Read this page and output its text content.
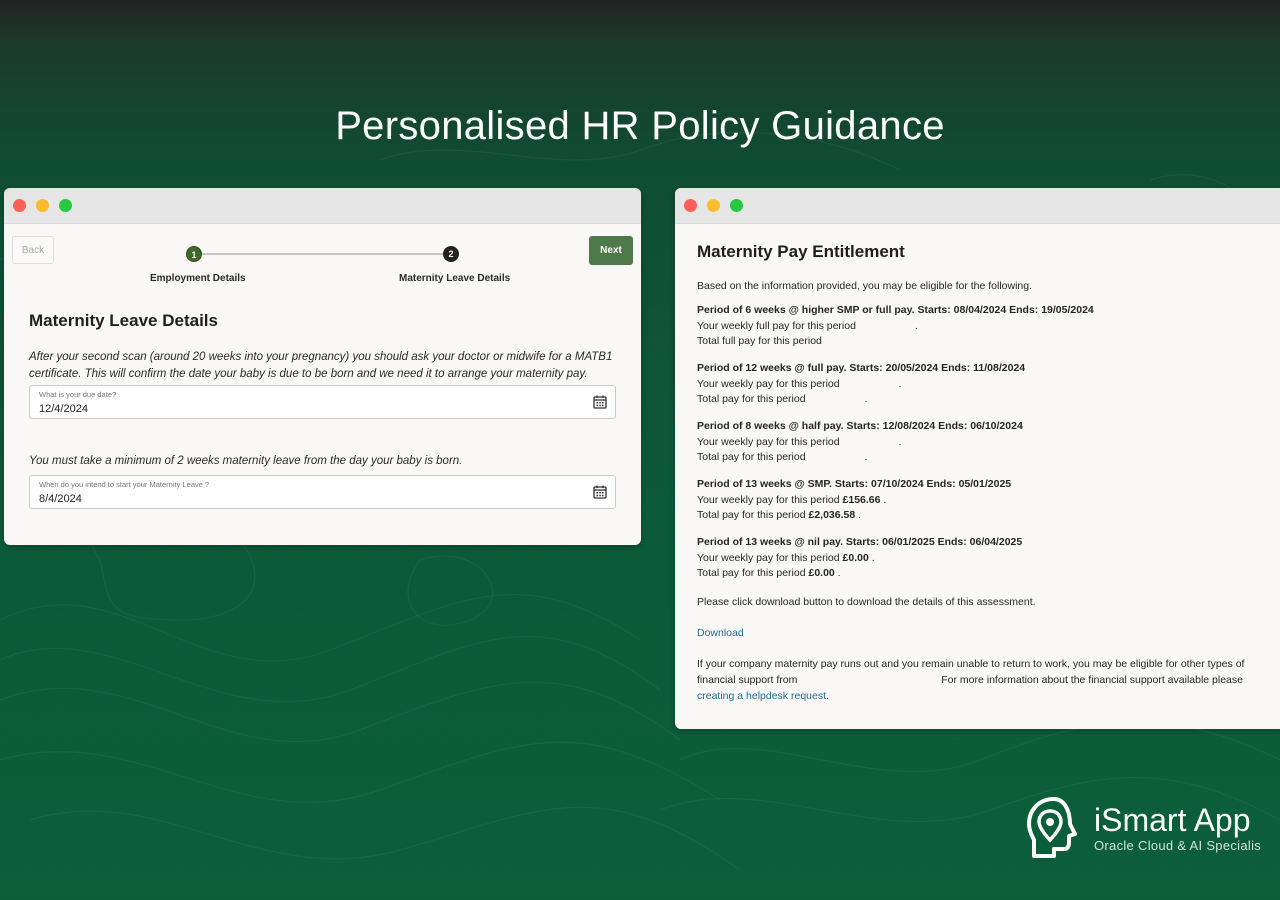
Personalised HR Policy Guidance
Back	1	2
Employment Details	Maternity Leave Details
Next
Maternity Leave Details

After your second scan (around 20 weeks into your pregnancy) you should ask your doctor or midwife for a MATB1 certificate. This will confirm the date your baby is due to be born and we need it to arrange your maternity pay.

What is your due date?
12/4/2024

You must take a minimum of 2 weeks maternity leave from the day your baby is born.

When do you intend to start your Maternity Leave ?
8/4/2024
Maternity Pay Entitlement

Based on the information provided, you may be eligible for the following.

Period of 6 weeks @ higher SMP or full pay. Starts: 08/04/2024 Ends: 19/05/2024

Your weekly full pay for this period	.

Total full pay for this period

Period of 12 weeks @ full pay. Starts: 20/05/2024 Ends: 11/08/2024

Your weekly pay for this period	.

Total pay for this period	.

Period of 8 weeks @ half pay. Starts: 12/08/2024 Ends: 06/10/2024

Your weekly pay for this period	.

Total pay for this period	.

Period of 13 weeks @ SMP. Starts: 07/10/2024 Ends: 05/01/2025

Your weekly pay for this period £156.66 .

Total pay for this period £2,036.58 .

Period of 13 weeks @ nil pay. Starts: 06/01/2025 Ends: 06/04/2025

Your weekly pay for this period £0.00 .

Total pay for this period £0.00 .

Please click download button to download the details of this assessment.

Download

If your company maternity pay runs out and you remain unable to return to work, you may be eligible for other types of financial support from	For more information about the financial support available please creating a helpdesk request.

iSmart App
Oracle Cloud & AI Specialis
